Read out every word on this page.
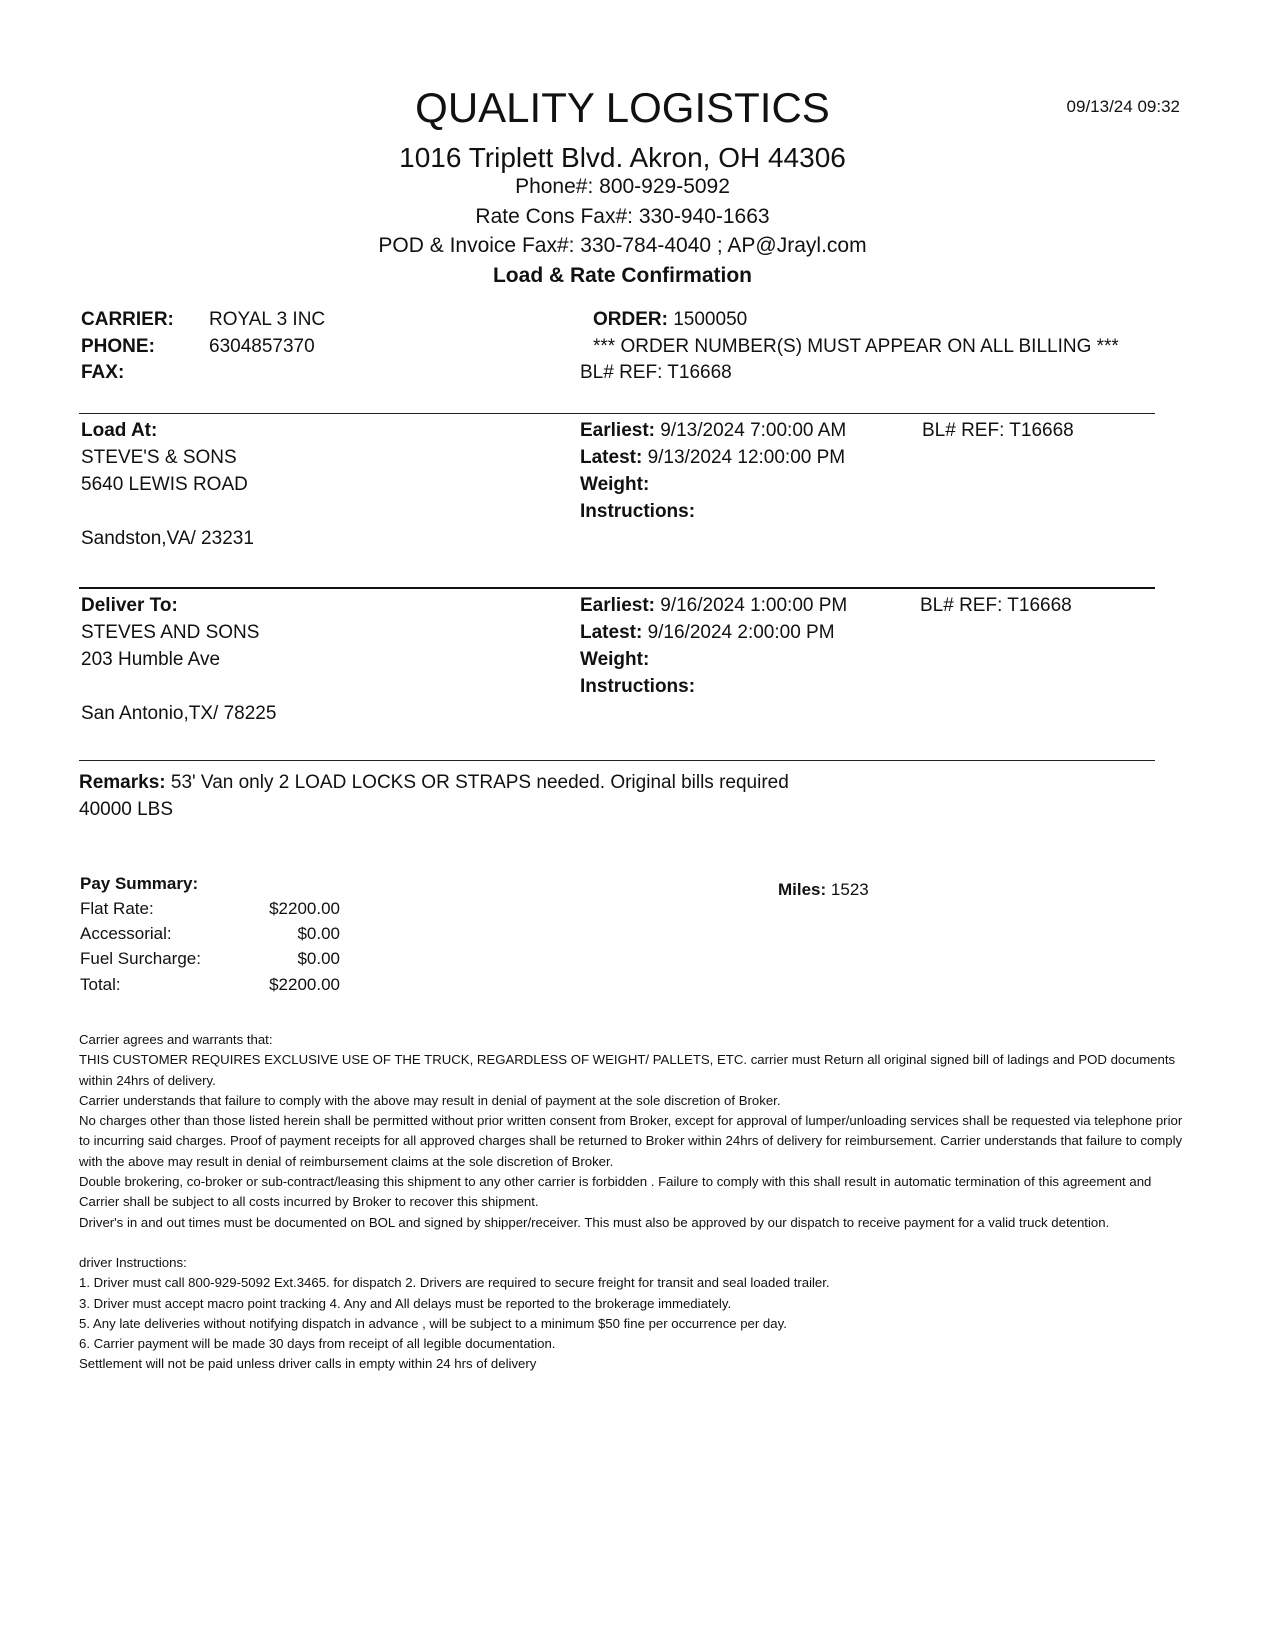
QUALITY LOGISTICS	09/13/24 09:32
1016 Triplett Blvd. Akron, OH 44306
Phone#: 800-929-5092
Rate Cons Fax#: 330-940-1663
POD & Invoice Fax#: 330-784-4040 ; AP@Jrayl.com
Load & Rate Confirmation
CARRIER: ROYAL 3 INC
PHONE:	6304857370
FAX:
ORDER: 1500050
*** ORDER NUMBER(S) MUST APPEAR ON ALL BILLING ***
BL# REF: T16668
Load At:
STEVE'S & SONS
5640 LEWIS ROAD
Sandston,VA/ 23231
Earliest: 9/13/2024 7:00:00 AM	BL# REF: T16668
Latest: 9/13/2024 12:00:00 PM
Weight:
Instructions:
Deliver To:
STEVES AND SONS
203 Humble Ave
San Antonio,TX/ 78225
Earliest: 9/16/2024 1:00:00 PM	BL# REF: T16668
Latest: 9/16/2024 2:00:00 PM
Weight:
Instructions:
Remarks: 53' Van only 2 LOAD LOCKS OR STRAPS needed. Original bills required
40000 LBS
Pay Summary:
Flat Rate:	$2200.00
Accessorial:	$0.00
Fuel Surcharge:	$0.00
Total:	$2200.00
Miles: 1523

Carrier agrees and warrants that:

THIS CUSTOMER REQUIRES EXCLUSIVE USE OF THE TRUCK, REGARDLESS OF WEIGHT/ PALLETS, ETC. carrier must Return all original signed bill of ladings and POD documents within 24hrs of delivery.

Carrier understands that failure to comply with the above may result in denial of payment at the sole discretion of Broker.

No charges other than those listed herein shall be permitted without prior written consent from Broker, except for approval of lumper/unloading services shall be requested via telephone prior to incurring said charges. Proof of payment receipts for all approved charges shall be returned to Broker within 24hrs of delivery for reimbursement. Carrier understands that failure to comply with the above may result in denial of reimbursement claims at the sole discretion of Broker.

Double brokering, co-broker or sub-contract/leasing this shipment to any other carrier is forbidden . Failure to comply with this shall result in automatic termination of this agreement and Carrier shall be subject to all costs incurred by Broker to recover this shipment.

Driver's in and out times must be documented on BOL and signed by shipper/receiver. This must also be approved by our dispatch to receive payment for a valid truck detention.

driver Instructions:

1. Driver must call 800-929-5092 Ext.3465. for dispatch 2. Drivers are required to secure freight for transit and seal loaded trailer.

3. Driver must accept macro point tracking 4. Any and All delays must be reported to the brokerage immediately.

5. Any late deliveries without notifying dispatch in advance , will be subject to a minimum $50 fine per occurrence per day.

6. Carrier payment will be made 30 days from receipt of all legible documentation.

Settlement will not be paid unless driver calls in empty within 24 hrs of delivery
